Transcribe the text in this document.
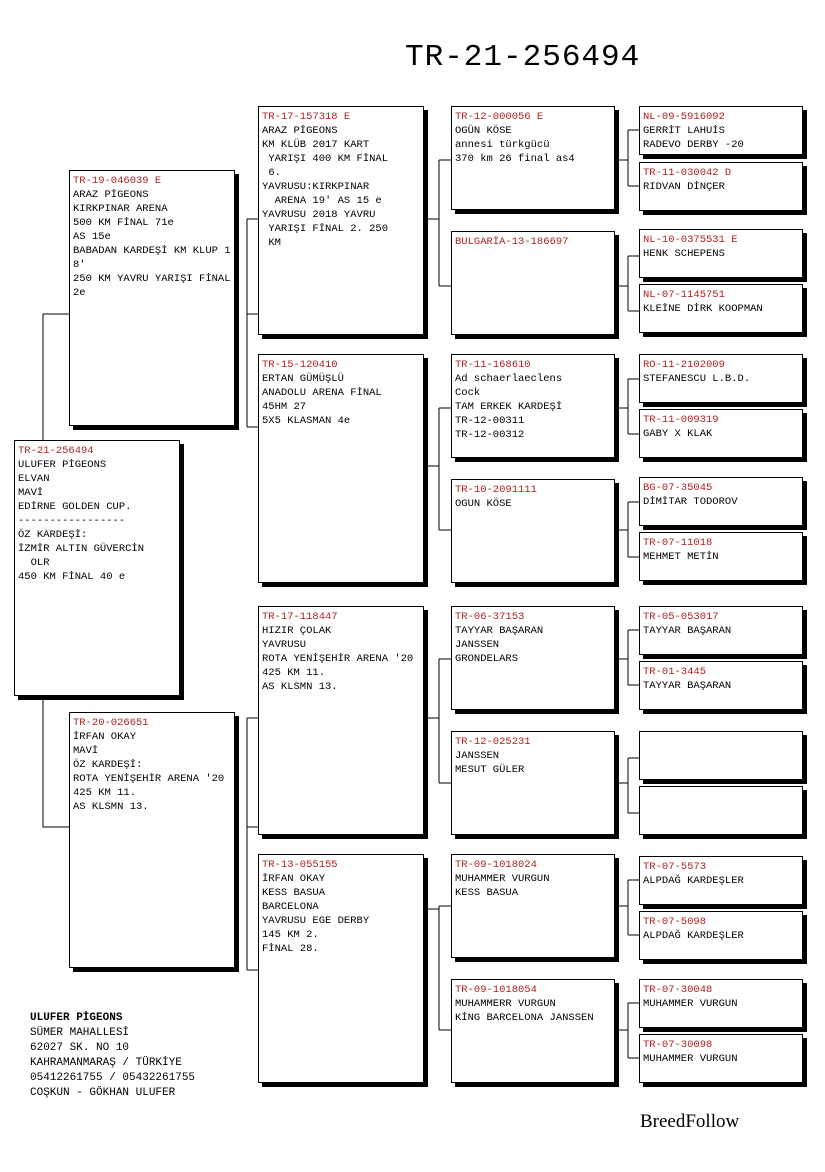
TR-21-256494
TR-21-256494
ULUFER PİGEONS
ELVAN
MAVİ
EDİRNE GOLDEN CUP.
-----------------
ÖZ KARDEŞİ:
İZMİR ALTIN GÜVERCİN
OLR
450 KM FİNAL 40 e
TR-19-046039 E
ARAZ PİGEONS
KIRKPINAR ARENA
500 KM FİNAL 71e
AS 15e
BABADAN KARDEŞİ KM KLUP 18'
250 KM YAVRU YARIŞI FİNAL 2e
TR-20-026651
İRFAN OKAY
MAVİ
ÖZ KARDEŞİ:
ROTA YENİŞEHİR ARENA '20
425 KM 11.
AS KLSMN 13.
TR-17-157318 E
ARAZ PİGEONS
KM KLÜB 2017 KART
YARIŞI 400 KM FİNAL
6.
YAVRUSU:KIRKPINAR
ARENA 19' AS 15 e
YAVRUSU 2018 YAVRU
YARIŞI FİNAL 2. 250
KM
TR-15-120410
ERTAN GÜMÜŞLÜ
ANADOLU ARENA FİNAL
45HM 27
5X5 KLASMAN 4e
TR-17-118447
HIZIR ÇOLAK
YAVRUSU
ROTA YENİŞEHİR ARENA '20
425 KM 11.
AS KLSMN 13.
TR-13-055155
İRFAN OKAY
KESS BASUA
BARCELONA
YAVRUSU EGE DERBY
145 KM 2.
FİNAL 28.
TR-12-000056 E
OGÜN KÖSE
annesi türkgücü
370 km 26 final as4
BULGARİA-13-186697
TR-11-168610
Ad schaerlaeclens
Cock
TAM ERKEK KARDEŞİ
TR-12-00311
TR-12-00312
TR-10-2091111
OGUN KÖSE
TR-06-37153
TAYYAR BAŞARAN
JANSSEN
GRONDELARS
TR-12-025231
JANSSEN
MESUT GÜLER
TR-09-1018024
MUHAMMER VURGUN
KESS BASUA
TR-09-1018054
MUHAMMERR VURGUN
KİNG BARCELONA JANSSEN
NL-09-5916092
GERRİT LAHUİS
RADEVO DERBY -20
TR-11-030042 D
RIDVAN DİNÇER
NL-10-0375531 E
HENK SCHEPENS
NL-07-1145751
KLEİNE DİRK KOOPMAN
RO-11-2102009
STEFANESCU L.B.D.
TR-11-009319
GABY X KLAK
BG-07-35045
DİMİTAR TODOROV
TR-07-11018
MEHMET METİN
TR-05-053017
TAYYAR BAŞARAN
TR-01-3445
TAYYAR BAŞARAN
TR-07-5573
ALPDAĞ KARDEŞLER
TR-07-5098
ALPDAĞ KARDEŞLER
TR-07-30048
MUHAMMER VURGUN
TR-07-30098
MUHAMMER VURGUN
ULUFER PİGEONS
SÜMER MAHALLESİ
62027 SK. NO 10
KAHRAMANMARAŞ / TÜRKİYE
05412261755 / 05432261755
COŞKUN - GÖKHAN ULUFER
BreedFollow
